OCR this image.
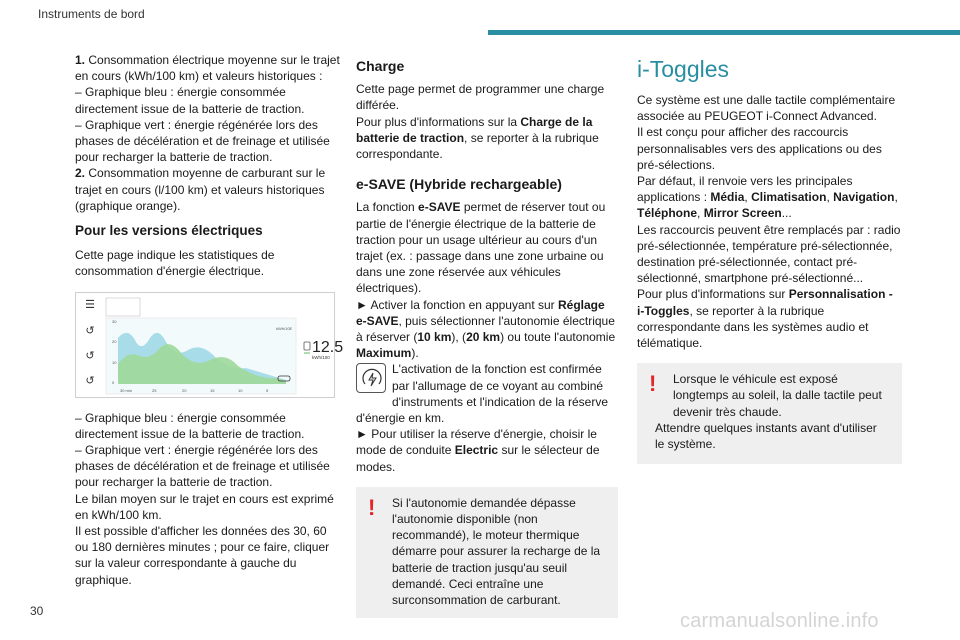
Instruments de bord
1. Consommation électrique moyenne sur le trajet en cours (kWh/100 km) et valeurs historiques :
– Graphique bleu : énergie consommée directement issue de la batterie de traction.
– Graphique vert : énergie régénérée lors des phases de décélération et de freinage et utilisée pour recharger la batterie de traction.
2. Consommation moyenne de carburant sur le trajet en cours (l/100 km) et valeurs historiques (graphique orange).
Pour les versions électriques
Cette page indique les statistiques de consommation d'énergie électrique.
☰
↺
↺
↺
30
20
10
0
kWh/10E
30 min	25	20	15	10	5
12.5
kWh/100
– Graphique bleu : énergie consommée directement issue de la batterie de traction.
– Graphique vert : énergie régénérée lors des phases de décélération et de freinage et utilisée pour recharger la batterie de traction.
Le bilan moyen sur le trajet en cours est exprimé en kWh/100 km.
Il est possible d'afficher les données des 30, 60 ou 180 dernières minutes ; pour ce faire, cliquer sur la valeur correspondante à gauche du graphique.
Charge
Cette page permet de programmer une charge différée.
Pour plus d'informations sur la Charge de la batterie de traction, se reporter à la rubrique correspondante.
e-SAVE (Hybride rechargeable)
La fonction e-SAVE permet de réserver tout ou partie de l'énergie électrique de la batterie de traction pour un usage ultérieur au cours d'un trajet (ex. : passage dans une zone urbaine ou dans une zone réservée aux véhicules électriques).
► Activer la fonction en appuyant sur Réglage e-SAVE, puis sélectionner l'autonomie électrique à réserver (10 km), (20 km) ou toute l'autonomie Maximum).
L'activation de la fonction est confirmée par l'allumage de ce voyant au combiné d'instruments et l'indication de la réserve d'énergie en km.
► Pour utiliser la réserve d'énergie, choisir le mode de conduite Electric sur le sélecteur de modes.
!	Si l'autonomie demandée dépasse l'autonomie disponible (non recommandé), le moteur thermique démarre pour assurer la recharge de la batterie de traction jusqu'au seuil demandé. Ceci entraîne une surconsommation de carburant.
i-Toggles
Ce système est une dalle tactile complémentaire associée au PEUGEOT i-Connect Advanced.
Il est conçu pour afficher des raccourcis personnalisables vers des applications ou des pré-sélections.
Par défaut, il renvoie vers les principales applications : Média, Climatisation, Navigation, Téléphone, Mirror Screen...
Les raccourcis peuvent être remplacés par : radio pré-sélectionnée, température pré-sélectionnée, destination pré-sélectionnée, contact pré-sélectionné, smartphone pré-sélectionné...
Pour plus d'informations sur Personnalisation - i-Toggles, se reporter à la rubrique correspondante dans les systèmes audio et télématique.
!	Lorsque le véhicule est exposé longtemps au soleil, la dalle tactile peut devenir très chaude.
Attendre quelques instants avant d'utiliser le système.
30	carmanualsonline.info
